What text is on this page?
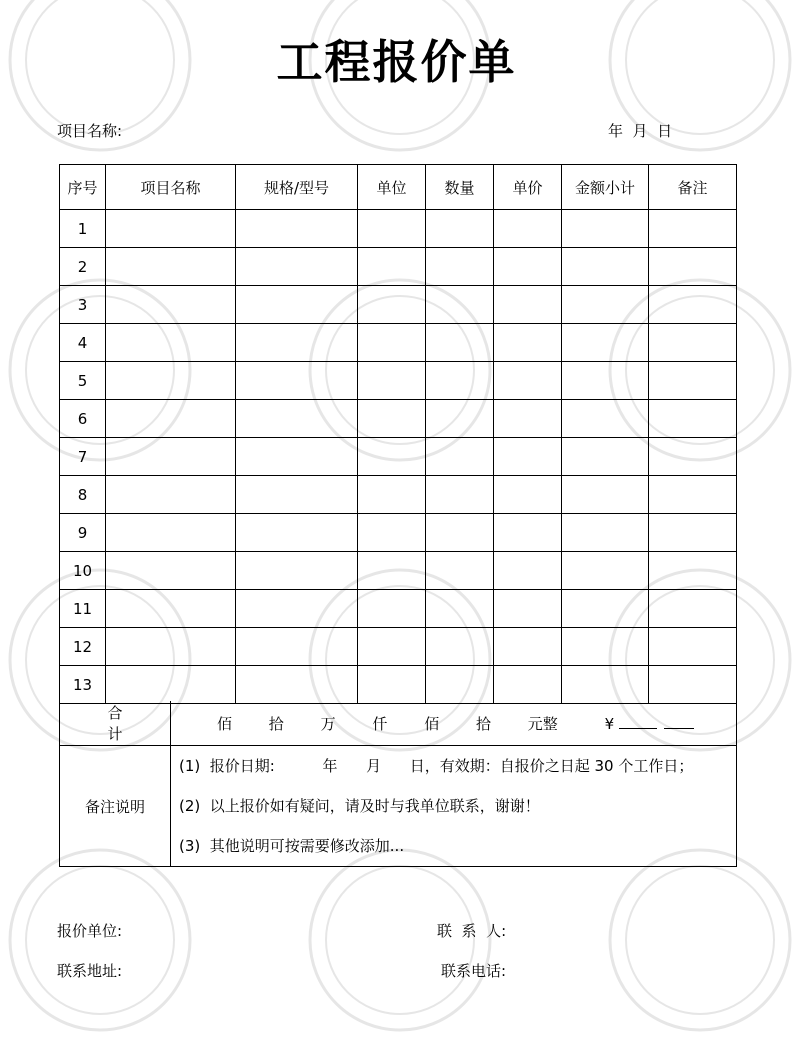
工程报价单
项目名称:	年  月  日
序号	项目名称	规格/型号	单位	数量	单价	金额小计	备注
1							
2							
3							
4							
5							
6							
7							
8							
9							
10							
11							
12							
13							
合计	佰 拾 万 仟 佰 拾 元整 ¥
备注说明	(1)  报价日期:          年      月      日，有效期：自报价之日起 30 个工作日；
(2)  以上报价如有疑问，请及时与我单位联系，谢谢！
(3)  其他说明可按需要修改添加...
报价单位:	联  系  人:
联系地址:	联系电话:
